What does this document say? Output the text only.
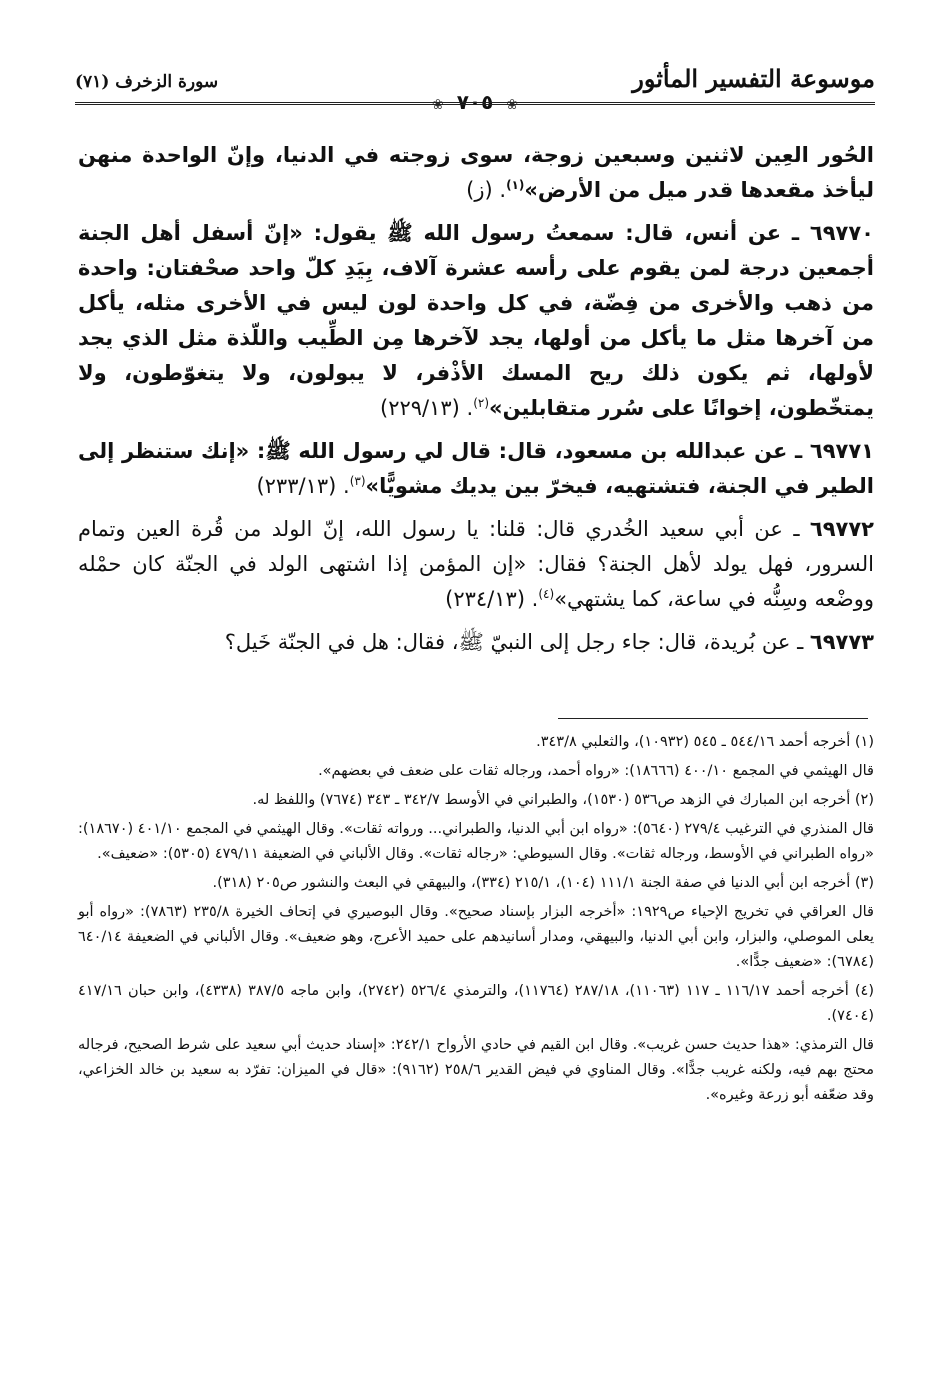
موسوعة التفسير المأثور
سورة الزخرف (٧١)
❀ ٧٠٥ ❀

الحُور العِين لاثنين وسبعين زوجة، سوى زوجته في الدنيا، وإنّ الواحدة منهن ليأخذ مقعدها قدر ميل من الأرض»$^{(١)}$. (ز)

٦٩٧٧٠ ـ عن أنس، قال: سمعتُ رسول الله ﷺ يقول: «إنّ أسفل أهل الجنة أجمعين درجة لمن يقوم على رأسه عشرة آلاف، بِيَدِ كلّ واحد صحْفتان: واحدة من ذهب والأخرى من فِضّة، في كل واحدة لون ليس في الأخرى مثله، يأكل من آخرها مثل ما يأكل من أولها، يجد لآخرها مِن الطِّيب واللّذة مثل الذي يجد لأولها، ثم يكون ذلك ريح المسك الأذْفر، لا يبولون، ولا يتغوّطون، ولا يمتخّطون، إخوانًا على سُرر متقابلين»$^{(٢)}$. (٢٢٩/١٣)

٦٩٧٧١ ـ عن عبدالله بن مسعود، قال: قال لي رسول الله ﷺ: «إنك ستنظر إلى الطير في الجنة، فتشتهيه، فيخرّ بين يديك مشويًّا»$^{(٣)}$. (٢٣٣/١٣)

٦٩٧٧٢ ـ عن أبي سعيد الخُدري قال: قلنا: يا رسول الله، إنّ الولد من قُرة العين وتمام السرور، فهل يولد لأهل الجنة؟ فقال: «إن المؤمن إذا اشتهى الولد في الجنّة كان حمْله ووضْعه وسِنُّه في ساعة، كما يشتهي»$^{(٤)}$. (٢٣٤/١٣)

٦٩٧٧٣ ـ عن بُريدة، قال: جاء رجل إلى النبيّ ﷺ، فقال: هل في الجنّة خَيل؟

(١) أخرجه أحمد ٥٤٤/١٦ ـ ٥٤٥ (١٠٩٣٢)، والثعلبي ٣٤٣/٨.

قال الهيثمي في المجمع ٤٠٠/١٠ (١٨٦٦٦): «رواه أحمد، ورجاله ثقات على ضعف في بعضهم».

(٢) أخرجه ابن المبارك في الزهد ص٥٣٦ (١٥٣٠)، والطبراني في الأوسط ٣٤٢/٧ ـ ٣٤٣ (٧٦٧٤) واللفظ له.

قال المنذري في الترغيب ٢٧٩/٤ (٥٦٤٠): «رواه ابن أبي الدنيا، والطبراني... ورواته ثقات». وقال الهيثمي في المجمع ٤٠١/١٠ (١٨٦٧٠): «رواه الطبراني في الأوسط، ورجاله ثقات». وقال السيوطي: «رجاله ثقات». وقال الألباني في الضعيفة ٤٧٩/١١ (٥٣٠٥): «ضعيف».

(٣) أخرجه ابن أبي الدنيا في صفة الجنة ١١١/١ (١٠٤)، ٢١٥/١ (٣٣٤)، والبيهقي في البعث والنشور ص٢٠٥ (٣١٨).

قال العراقي في تخريج الإحياء ص١٩٢٩: «أخرجه البزار بإسناد صحيح». وقال البوصيري في إتحاف الخيرة ٢٣٥/٨ (٧٨٦٣): «رواه أبو يعلى الموصلي، والبزار، وابن أبي الدنيا، والبيهقي، ومدار أسانيدهم على حميد الأعرج، وهو ضعيف». وقال الألباني في الضعيفة ٦٤٠/١٤ (٦٧٨٤): «ضعيف جدًّا».

(٤) أخرجه أحمد ١١٦/١٧ ـ ١١٧ (١١٠٦٣)، ٢٨٧/١٨ (١١٧٦٤)، والترمذي ٥٢٦/٤ (٢٧٤٢)، وابن ماجه ٣٨٧/٥ (٤٣٣٨)، وابن حبان ٤١٧/١٦ (٧٤٠٤).

قال الترمذي: «هذا حديث حسن غريب». وقال ابن القيم في حادي الأرواح ٢٤٢/١: «إسناد حديث أبي سعيد على شرط الصحيح، فرجاله محتج بهم فيه، ولكنه غريب جدًّا». وقال المناوي في فيض القدير ٢٥٨/٦ (٩١٦٢): «قال في الميزان: تفرّد به سعيد بن خالد الخزاعي، وقد ضعّفه أبو زرعة وغيره».
